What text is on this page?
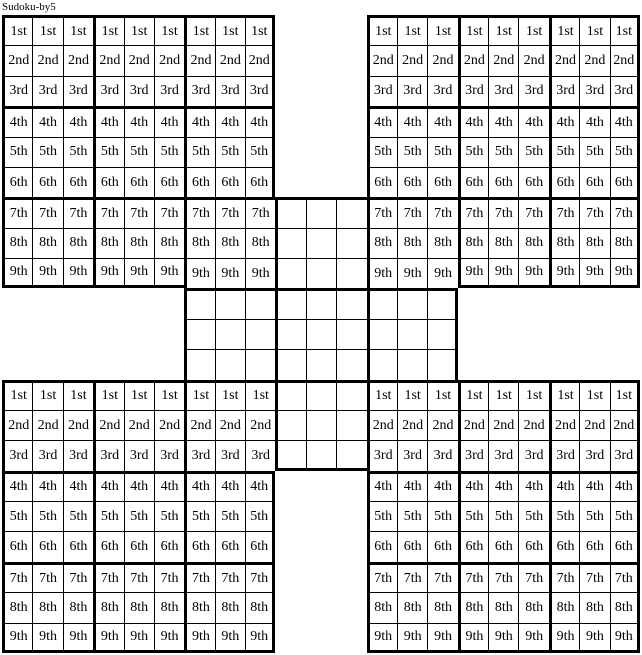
Sudoku-by5
1st 1st	1st	1st 1st	1st	1st 1st 1st	1st 1st	1st	1st 1st	1st	1st 1st 1st
2nd 2nd 2nd 2nd 2nd 2nd 2nd 2nd 2nd	2nd 2nd 2nd 2nd 2nd 2nd 2nd 2nd 2nd
3rd 3rd 3rd 3rd 3rd 3rd 3rd 3rd 3rd	3rd 3rd 3rd 3rd 3rd 3rd 3rd 3rd 3rd
4th 4th 4th 4th 4th 4th 4th 4th 4th	4th 4th 4th 4th 4th 4th 4th 4th 4th
5th 5th 5th 5th 5th 5th 5th 5th 5th	5th 5th 5th 5th 5th 5th 5th 5th 5th
6th 6th 6th 6th 6th 6th 6th 6th 6th	6th 6th 6th 6th 6th 6th 6th 6th 6th
7th 7th 7th 7th 7th 7th 7th 7th 7th	7th 7th 7th 7th 7th 7th 7th 7th 7th
8th 8th 8th 8th 8th 8th 8th 8th 8th	8th 8th 8th 8th 8th 8th 8th 8th 8th
9th 9th 9th 9th 9th 9th 9th 9th 9th	9th 9th 9th 9th 9th 9th 9th 9th 9th
1st 1st	1st	1st 1st	1st	1st 1st	1st	1st 1st	1st	1st 1st	1st	1st 1st 1st
2nd 2nd 2nd 2nd 2nd 2nd 2nd 2nd 2nd	2nd 2nd 2nd 2nd 2nd 2nd 2nd 2nd 2nd
3rd 3rd 3rd 3rd 3rd 3rd 3rd 3rd 3rd	3rd 3rd 3rd 3rd 3rd 3rd 3rd 3rd 3rd
4th 4th 4th 4th 4th 4th 4th 4th 4th	4th 4th 4th 4th 4th 4th 4th 4th 4th
5th 5th 5th 5th 5th 5th 5th 5th 5th	5th 5th 5th 5th 5th 5th 5th 5th 5th
6th 6th 6th 6th 6th 6th 6th 6th 6th	6th 6th 6th 6th 6th 6th 6th 6th 6th
7th 7th 7th 7th 7th 7th 7th 7th 7th	7th 7th 7th 7th 7th 7th 7th 7th 7th
8th 8th 8th 8th 8th 8th 8th 8th 8th	8th 8th 8th 8th 8th 8th 8th 8th 8th
9th 9th 9th 9th 9th 9th 9th 9th 9th	9th 9th 9th 9th 9th 9th 9th 9th 9th
